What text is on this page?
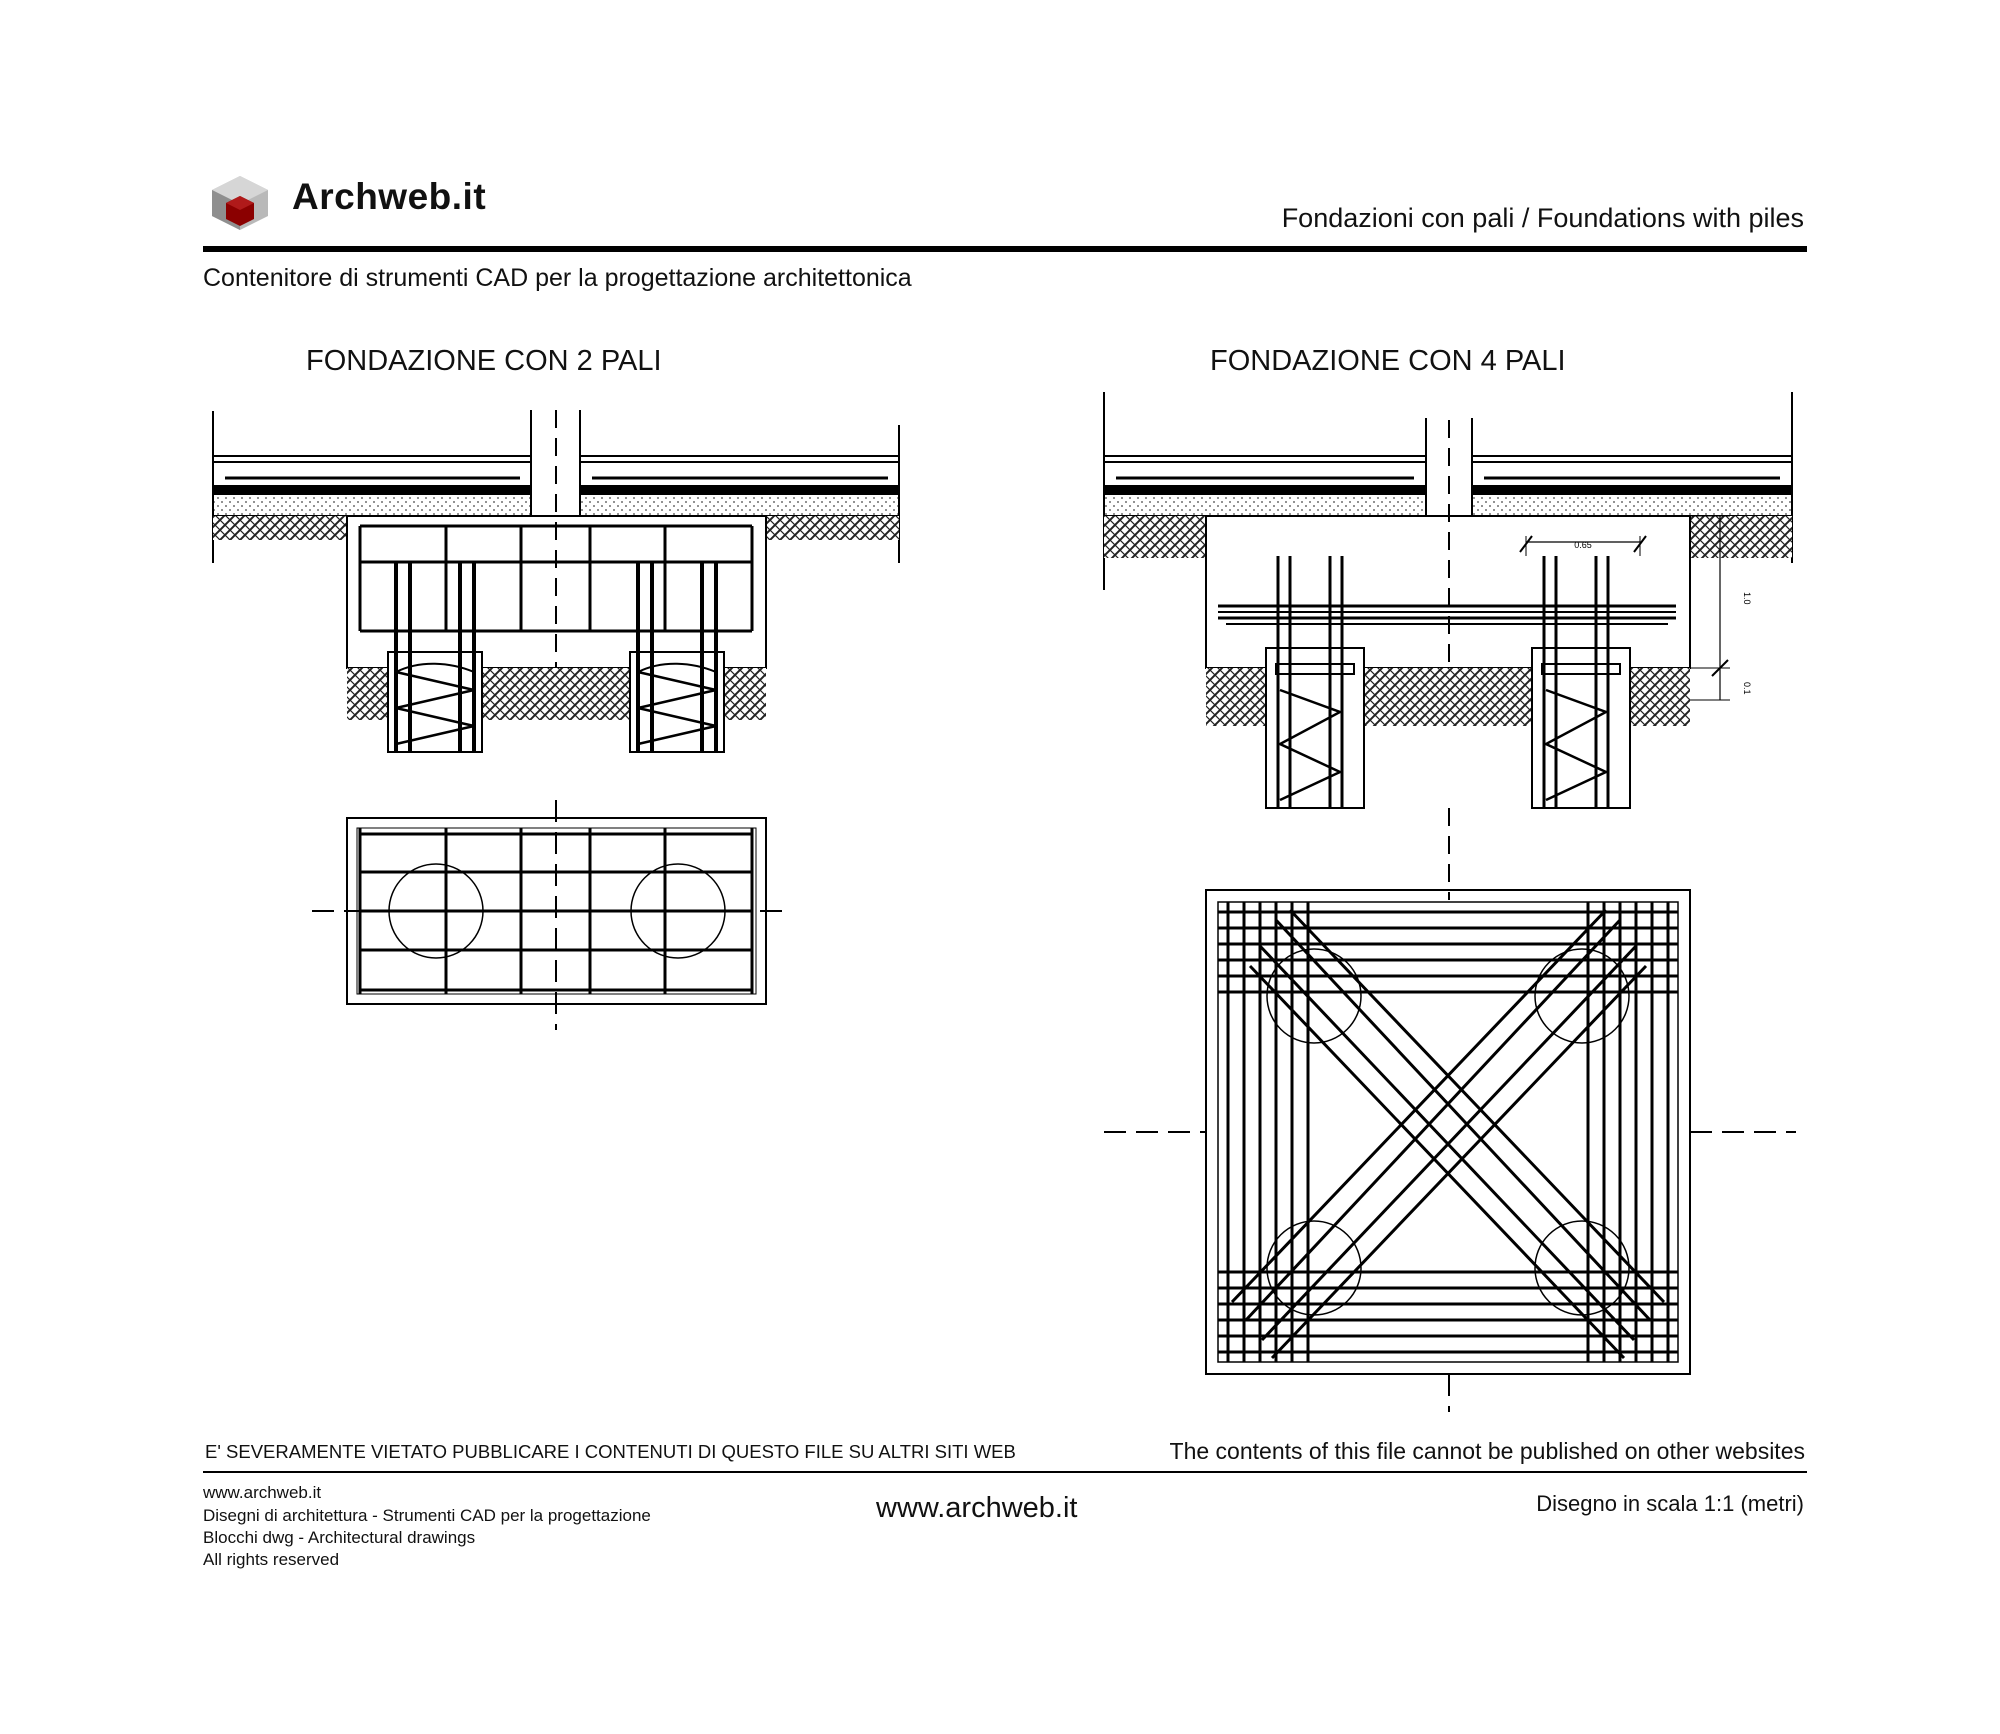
Archweb.it
Fondazioni con pali / Foundations with piles
Contenitore di strumenti CAD per la progettazione architettonica
FONDAZIONE CON 2 PALI	FONDAZIONE CON 4 PALI
0.65
1.0
0.1
E' SEVERAMENTE VIETATO PUBBLICARE I CONTENUTI DI QUESTO FILE SU ALTRI SITI WEB	The contents of this file cannot be published on other websites
www.archweb.it
Disegni di architettura - Strumenti CAD per la progettazione
Blocchi dwg - Architectural drawings
All rights reserved
www.archweb.it	Disegno in scala 1:1 (metri)
